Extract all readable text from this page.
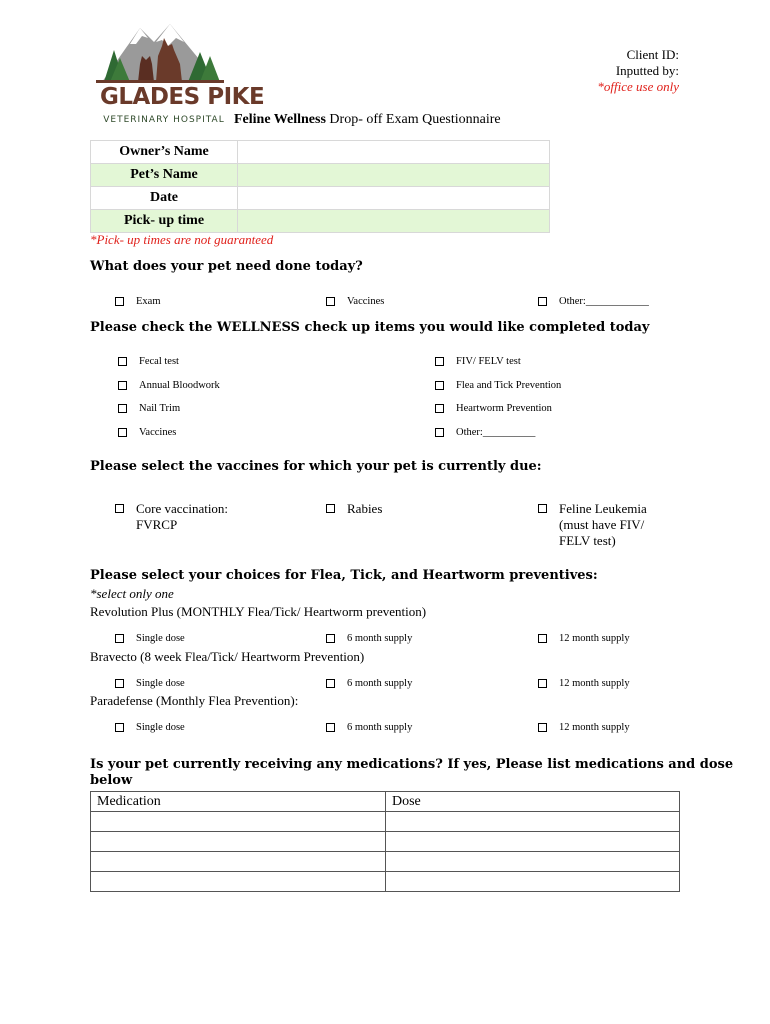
GLADES PIKE
VETERINARY HOSPITAL
Client ID:
Inputted by:
*office use only
Feline Wellness Drop- off Exam Questionnaire
Owner’s Name	
Pet’s Name	
Date	
Pick- up time	
*Pick- up times are not guaranteed
What does your pet need done today?
Exam	Vaccines	Other:____________
Please check the WELLNESS check up items you would like completed today
Fecal test
Annual Bloodwork
Nail Trim
Vaccines
FIV/ FELV test
Flea and Tick Prevention
Heartworm Prevention
Other:__________
Please select the vaccines for which your pet is currently due:
Core vaccination: FVRCP
Rabies	Feline Leukemia (must have FIV/ FELV test)
Please select your choices for Flea, Tick, and Heartworm preventives:
*select only one
Revolution Plus (MONTHLY Flea/Tick/ Heartworm prevention)
Single dose	6 month supply	12 month supply
Bravecto (8 week Flea/Tick/ Heartworm Prevention)
Single dose	6 month supply	12 month supply
Paradefense (Monthly Flea Prevention):
Single dose	6 month supply	12 month supply
Is your pet currently receiving any medications? If yes, Please list medications and dose
below
Medication	Dose
